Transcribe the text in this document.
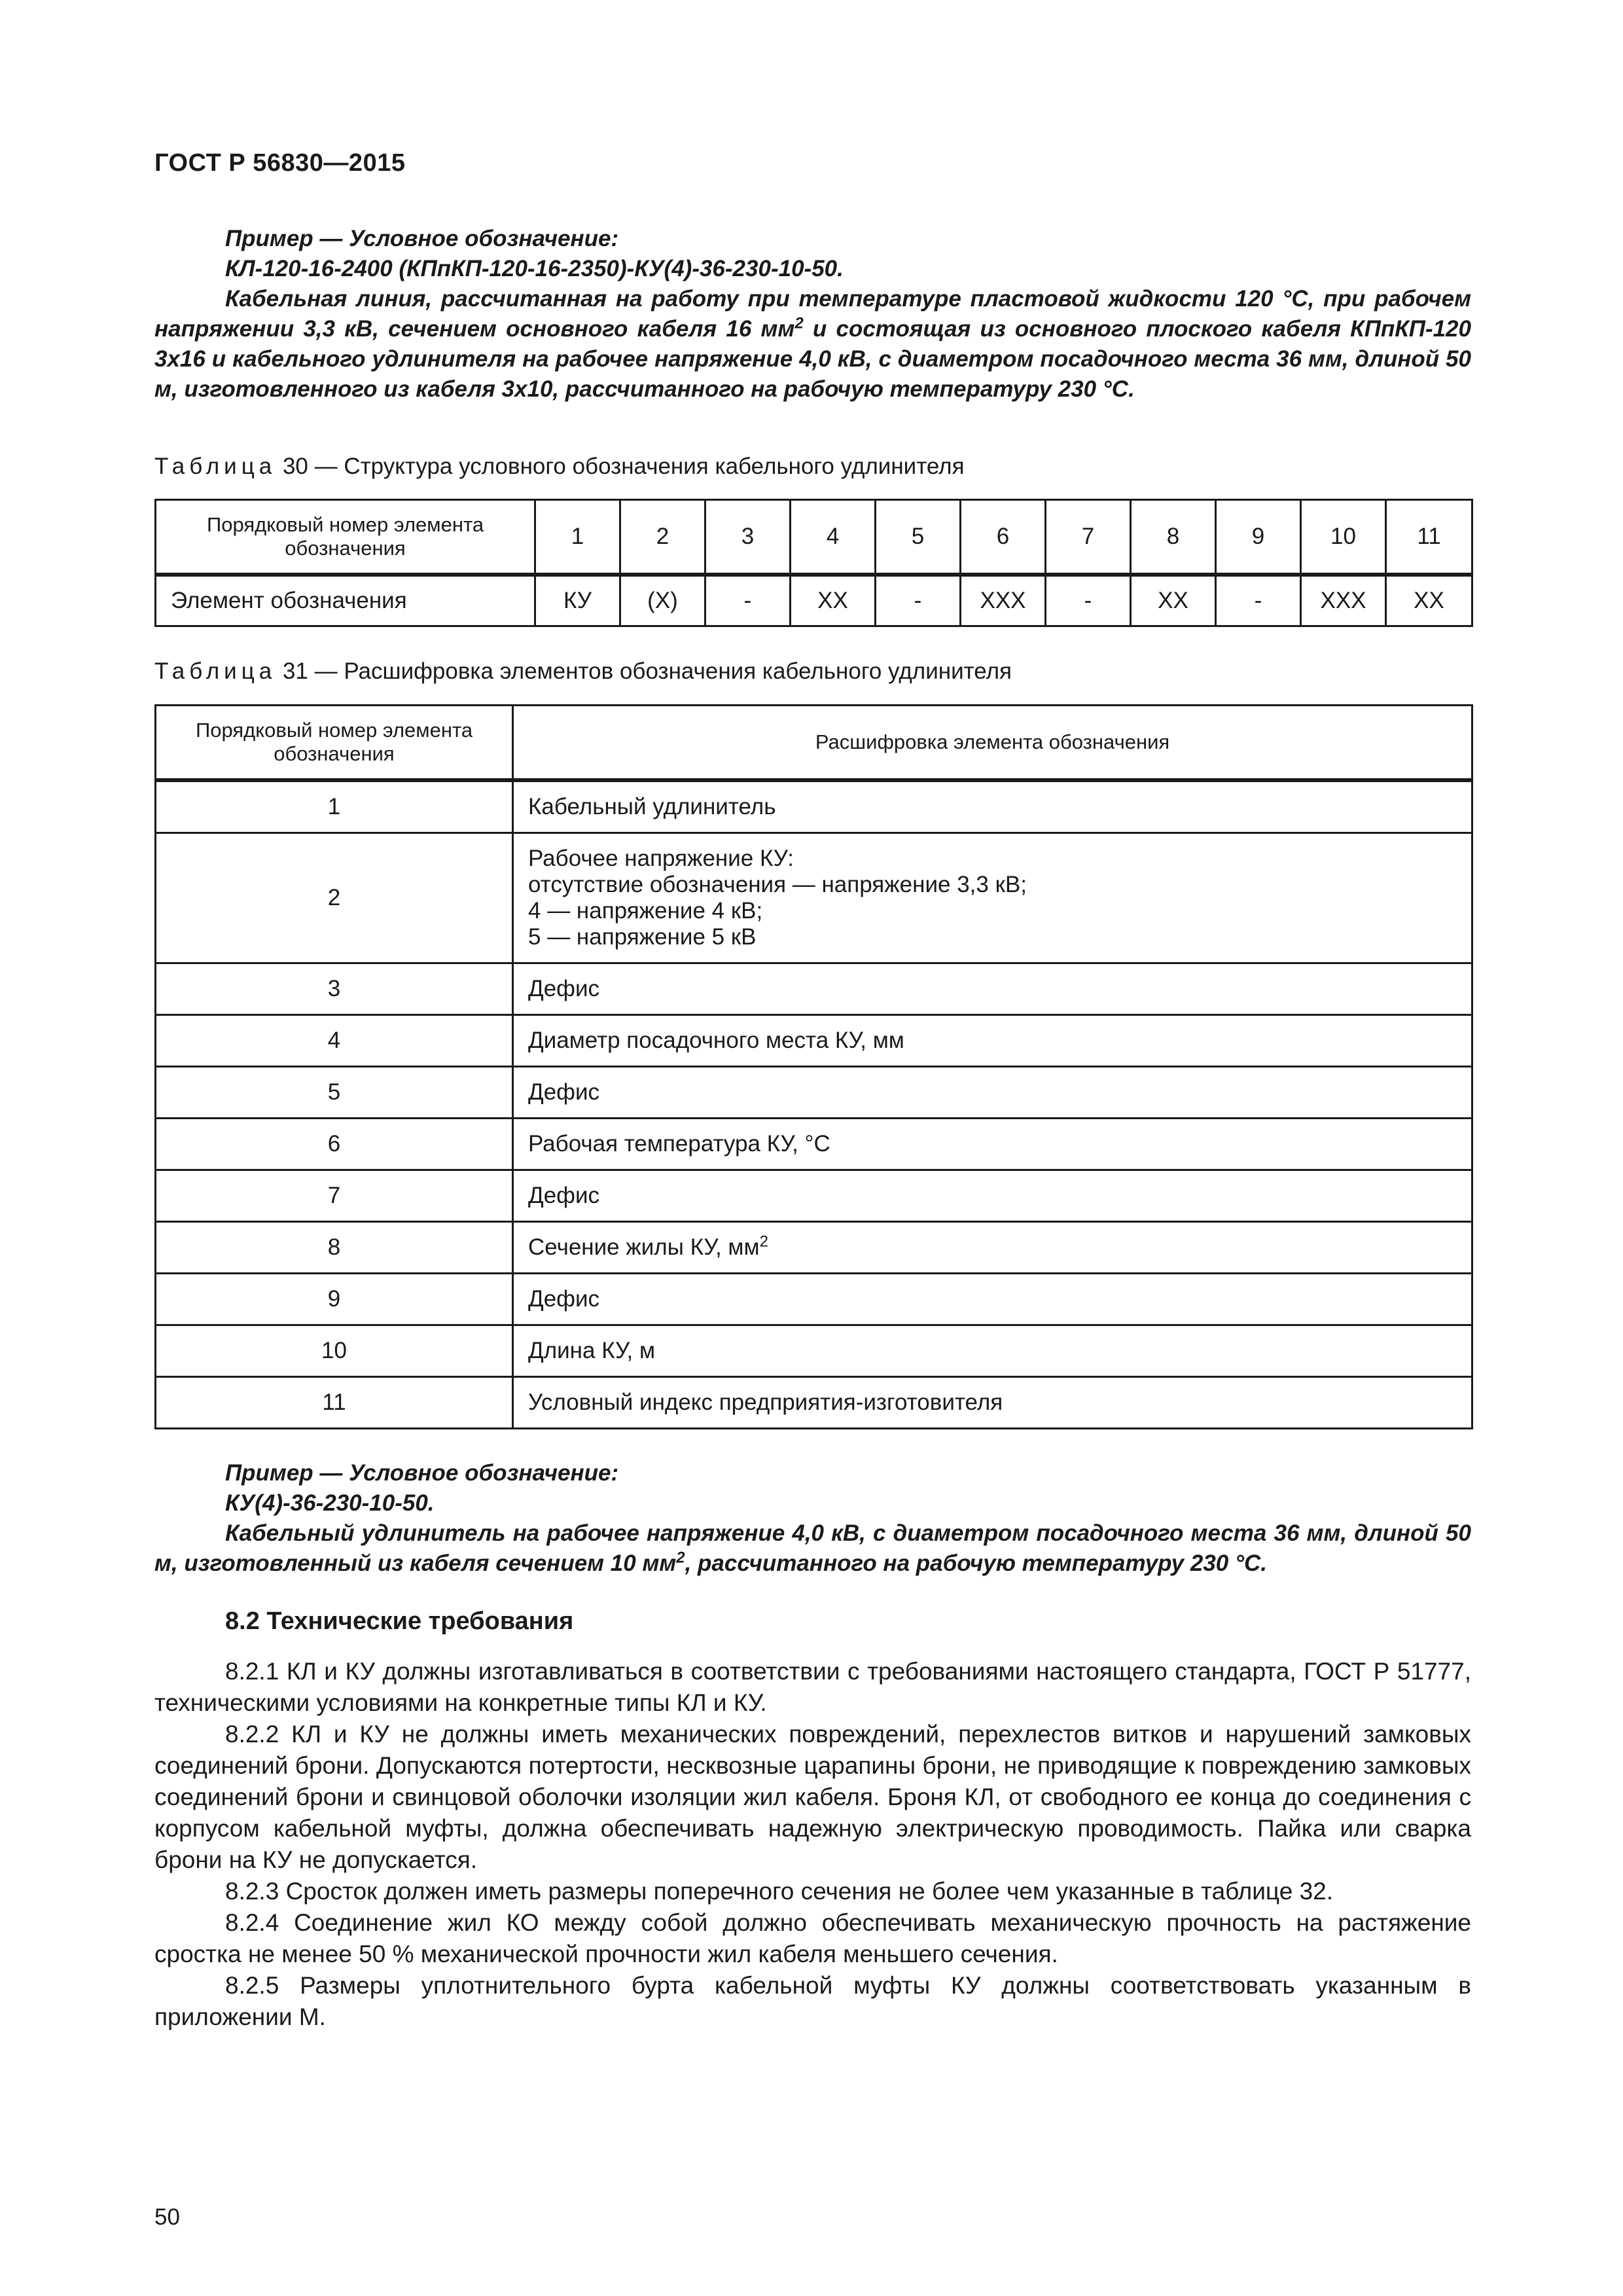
ГОСТ Р 56830—2015
Пример — Условное обозначение:
КЛ-120-16-2400 (КПпКП-120-16-2350)-КУ(4)-36-230-10-50.

Кабельная линия, рассчитанная на работу при температуре пластовой жидкости 120 °С, при рабочем напряжении 3,3 кВ, сечением основного кабеля 16 $мм^2$ и состоящая из основного плоского кабеля КПпКП-120 3х16 и кабельного удлинителя на рабочее напряжение 4,0 кВ, с диаметром посадочного места 36 мм, длиной 50 м, изготовленного из кабеля 3х10, рассчитанного на рабочую температуру 230 °С.

Таблица 30 — Структура условного обозначения кабельного удлинителя
Порядковый номер элемента обозначения	1	2	3	4	5	6	7	8	9	10	11
Элемент обозначения	КУ	(Х)	-	ХХ	-	ХХХ	-	ХХ	-	ХХХ	ХХ
Таблица 31 — Расшифровка элементов обозначения кабельного удлинителя
Порядковый номер элемента обозначения	Расшифровка элемента обозначения
1	Кабельный удлинитель
2	Рабочее напряжение КУ:
отсутствие обозначения — напряжение 3,3 кВ;
4 — напряжение 4 кВ;
5 — напряжение 5 кВ

3	Дефис
4	Диаметр посадочного места КУ, мм
5	Дефис
6	Рабочая температура КУ, °С
7	Дефис
8	Сечение жилы КУ, $мм^2$
9	Дефис
10	Длина КУ, м
11	Условный индекс предприятия-изготовителя
Пример — Условное обозначение:
КУ(4)-36-230-10-50.

Кабельный удлинитель на рабочее напряжение 4,0 кВ, с диаметром посадочного места 36 мм, длиной 50 м, изготовленный из кабеля сечением 10 $мм^2$, рассчитанного на рабочую температуру 230 °С.

8.2 Технические требования

8.2.1 КЛ и КУ должны изготавливаться в соответствии с требованиями настоящего стандарта, ГОСТ Р 51777, техническими условиями на конкретные типы КЛ и КУ.

8.2.2 КЛ и КУ не должны иметь механических повреждений, перехлестов витков и нарушений замковых соединений брони. Допускаются потертости, несквозные царапины брони, не приводящие к повреждению замковых соединений брони и свинцовой оболочки изоляции жил кабеля. Броня КЛ, от свободного ее конца до соединения с корпусом кабельной муфты, должна обеспечивать надежную электрическую проводимость. Пайка или сварка брони на КУ не допускается.

8.2.3 Сросток должен иметь размеры поперечного сечения не более чем указанные в таблице 32.

8.2.4 Соединение жил КО между собой должно обеспечивать механическую прочность на растяжение сростка не менее 50 % механической прочности жил кабеля меньшего сечения.

8.2.5 Размеры уплотнительного бурта кабельной муфты КУ должны соответствовать указанным в приложении М.

50
